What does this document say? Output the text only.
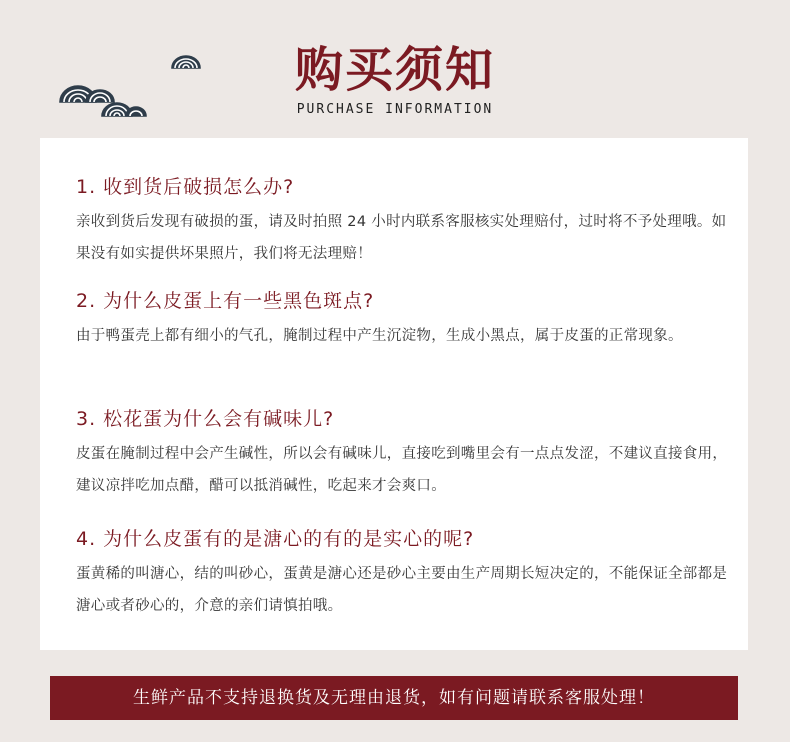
购买须知
PURCHASE INFORMATION
1. 收到货后破损怎么办?

亲收到货后发现有破损的蛋，请及时拍照 24 小时内联系客服核实处理赔付，过时将不予处理哦。如果没有如实提供坏果照片，我们将无法理赔！

2. 为什么皮蛋上有一些黑色斑点?

由于鸭蛋壳上都有细小的气孔，腌制过程中产生沉淀物，生成小黑点，属于皮蛋的正常现象。

3. 松花蛋为什么会有碱味儿?

皮蛋在腌制过程中会产生碱性，所以会有碱味儿，直接吃到嘴里会有一点点发涩，不建议直接食用，建议凉拌吃加点醋，醋可以抵消碱性，吃起来才会爽口。

4. 为什么皮蛋有的是溏心的有的是实心的呢?

蛋黄稀的叫溏心，结的叫砂心，蛋黄是溏心还是砂心主要由生产周期长短决定的，不能保证全部都是溏心或者砂心的，介意的亲们请慎拍哦。

生鲜产品不支持退换货及无理由退货，如有问题请联系客服处理！
